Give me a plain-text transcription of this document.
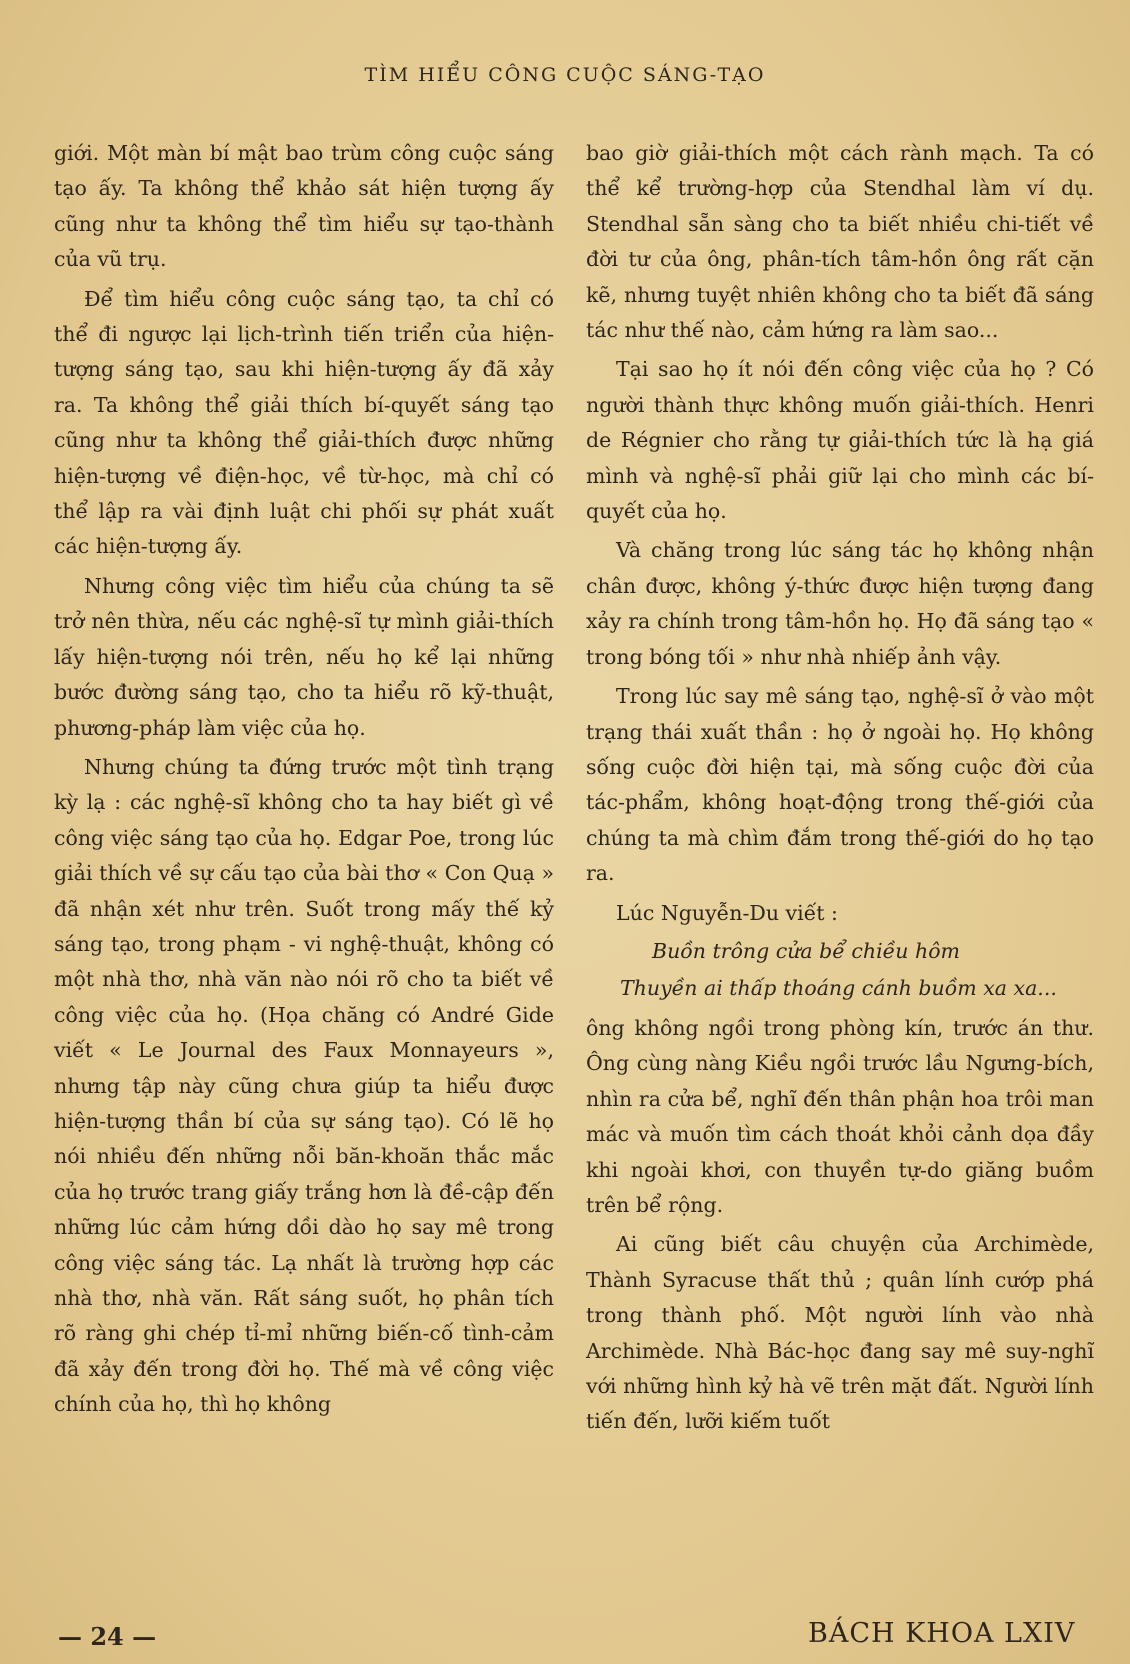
TÌM HIỂU CÔNG CUỘC SÁNG-TẠO

giới. Một màn bí mật bao trùm công cuộc sáng tạo ấy. Ta không thể khảo sát hiện tượng ấy cũng như ta không thể tìm hiểu sự tạo-thành của vũ trụ.

Để tìm hiểu công cuộc sáng tạo, ta chỉ có thể đi ngược lại lịch-trình tiến triển của hiện-tượng sáng tạo, sau khi hiện-tượng ấy đã xảy ra. Ta không thể giải thích bí-quyết sáng tạo cũng như ta không thể giải-thích được những hiện-tượng về điện-học, về từ-học, mà chỉ có thể lập ra vài định luật chi phối sự phát xuất các hiện-tượng ấy.

Nhưng công việc tìm hiểu của chúng ta sẽ trở nên thừa, nếu các nghệ-sĩ tự mình giải-thích lấy hiện-tượng nói trên, nếu họ kể lại những bước đường sáng tạo, cho ta hiểu rõ kỹ-thuật, phương-pháp làm việc của họ.

Nhưng chúng ta đứng trước một tình trạng kỳ lạ : các nghệ-sĩ không cho ta hay biết gì về công việc sáng tạo của họ. Edgar Poe, trong lúc giải thích về sự cấu tạo của bài thơ « Con Quạ » đã nhận xét như trên. Suốt trong mấy thế kỷ sáng tạo, trong phạm - vi nghệ-thuật, không có một nhà thơ, nhà văn nào nói rõ cho ta biết về công việc của họ. (Họa chăng có André Gide viết « Le Journal des Faux Monnayeurs », nhưng tập này cũng chưa giúp ta hiểu được hiện-tượng thần bí của sự sáng tạo). Có lẽ họ nói nhiều đến những nỗi băn-khoăn thắc mắc của họ trước trang giấy trắng hơn là đề-cập đến những lúc cảm hứng dồi dào họ say mê trong công việc sáng tác. Lạ nhất là trường hợp các nhà thơ, nhà văn. Rất sáng suốt, họ phân tích rõ ràng ghi chép tỉ-mỉ những biến-cố tình-cảm đã xảy đến trong đời họ. Thế mà về công việc chính của họ, thì họ không

bao giờ giải-thích một cách rành mạch. Ta có thể kể trường-hợp của Stendhal làm ví dụ. Stendhal sẵn sàng cho ta biết nhiều chi-tiết về đời tư của ông, phân-tích tâm-hồn ông rất cặn kẽ, nhưng tuyệt nhiên không cho ta biết đã sáng tác như thế nào, cảm hứng ra làm sao...

Tại sao họ ít nói đến công việc của họ ? Có người thành thực không muốn giải-thích. Henri de Régnier cho rằng tự giải-thích tức là hạ giá mình và nghệ-sĩ phải giữ lại cho mình các bí-quyết của họ.

Và chăng trong lúc sáng tác họ không nhận chân được, không ý-thức được hiện tượng đang xảy ra chính trong tâm-hồn họ. Họ đã sáng tạo « trong bóng tối » như nhà nhiếp ảnh vậy.

Trong lúc say mê sáng tạo, nghệ-sĩ ở vào một trạng thái xuất thần : họ ở ngoài họ. Họ không sống cuộc đời hiện tại, mà sống cuộc đời của tác-phẩm, không hoạt-động trong thế-giới của chúng ta mà chìm đắm trong thế-giới do họ tạo ra.

Lúc Nguyễn-Du viết :

Buồn trông cửa bể chiều hôm
Thuyền ai thấp thoáng cánh buồm xa xa...

ông không ngồi trong phòng kín, trước án thư. Ông cùng nàng Kiều ngồi trước lầu Ngưng-bích, nhìn ra cửa bể, nghĩ đến thân phận hoa trôi man mác và muốn tìm cách thoát khỏi cảnh dọa đầy khi ngoài khơi, con thuyền tự-do giăng buồm trên bể rộng.

Ai cũng biết câu chuyện của Archimède, Thành Syracuse thất thủ ; quân lính cướp phá trong thành phố. Một người lính vào nhà Archimède. Nhà Bác-học đang say mê suy-nghĩ với những hình kỷ hà vẽ trên mặt đất. Người lính tiến đến, lưỡi kiếm tuốt

— 24 —	BÁCH KHOA LXIV
